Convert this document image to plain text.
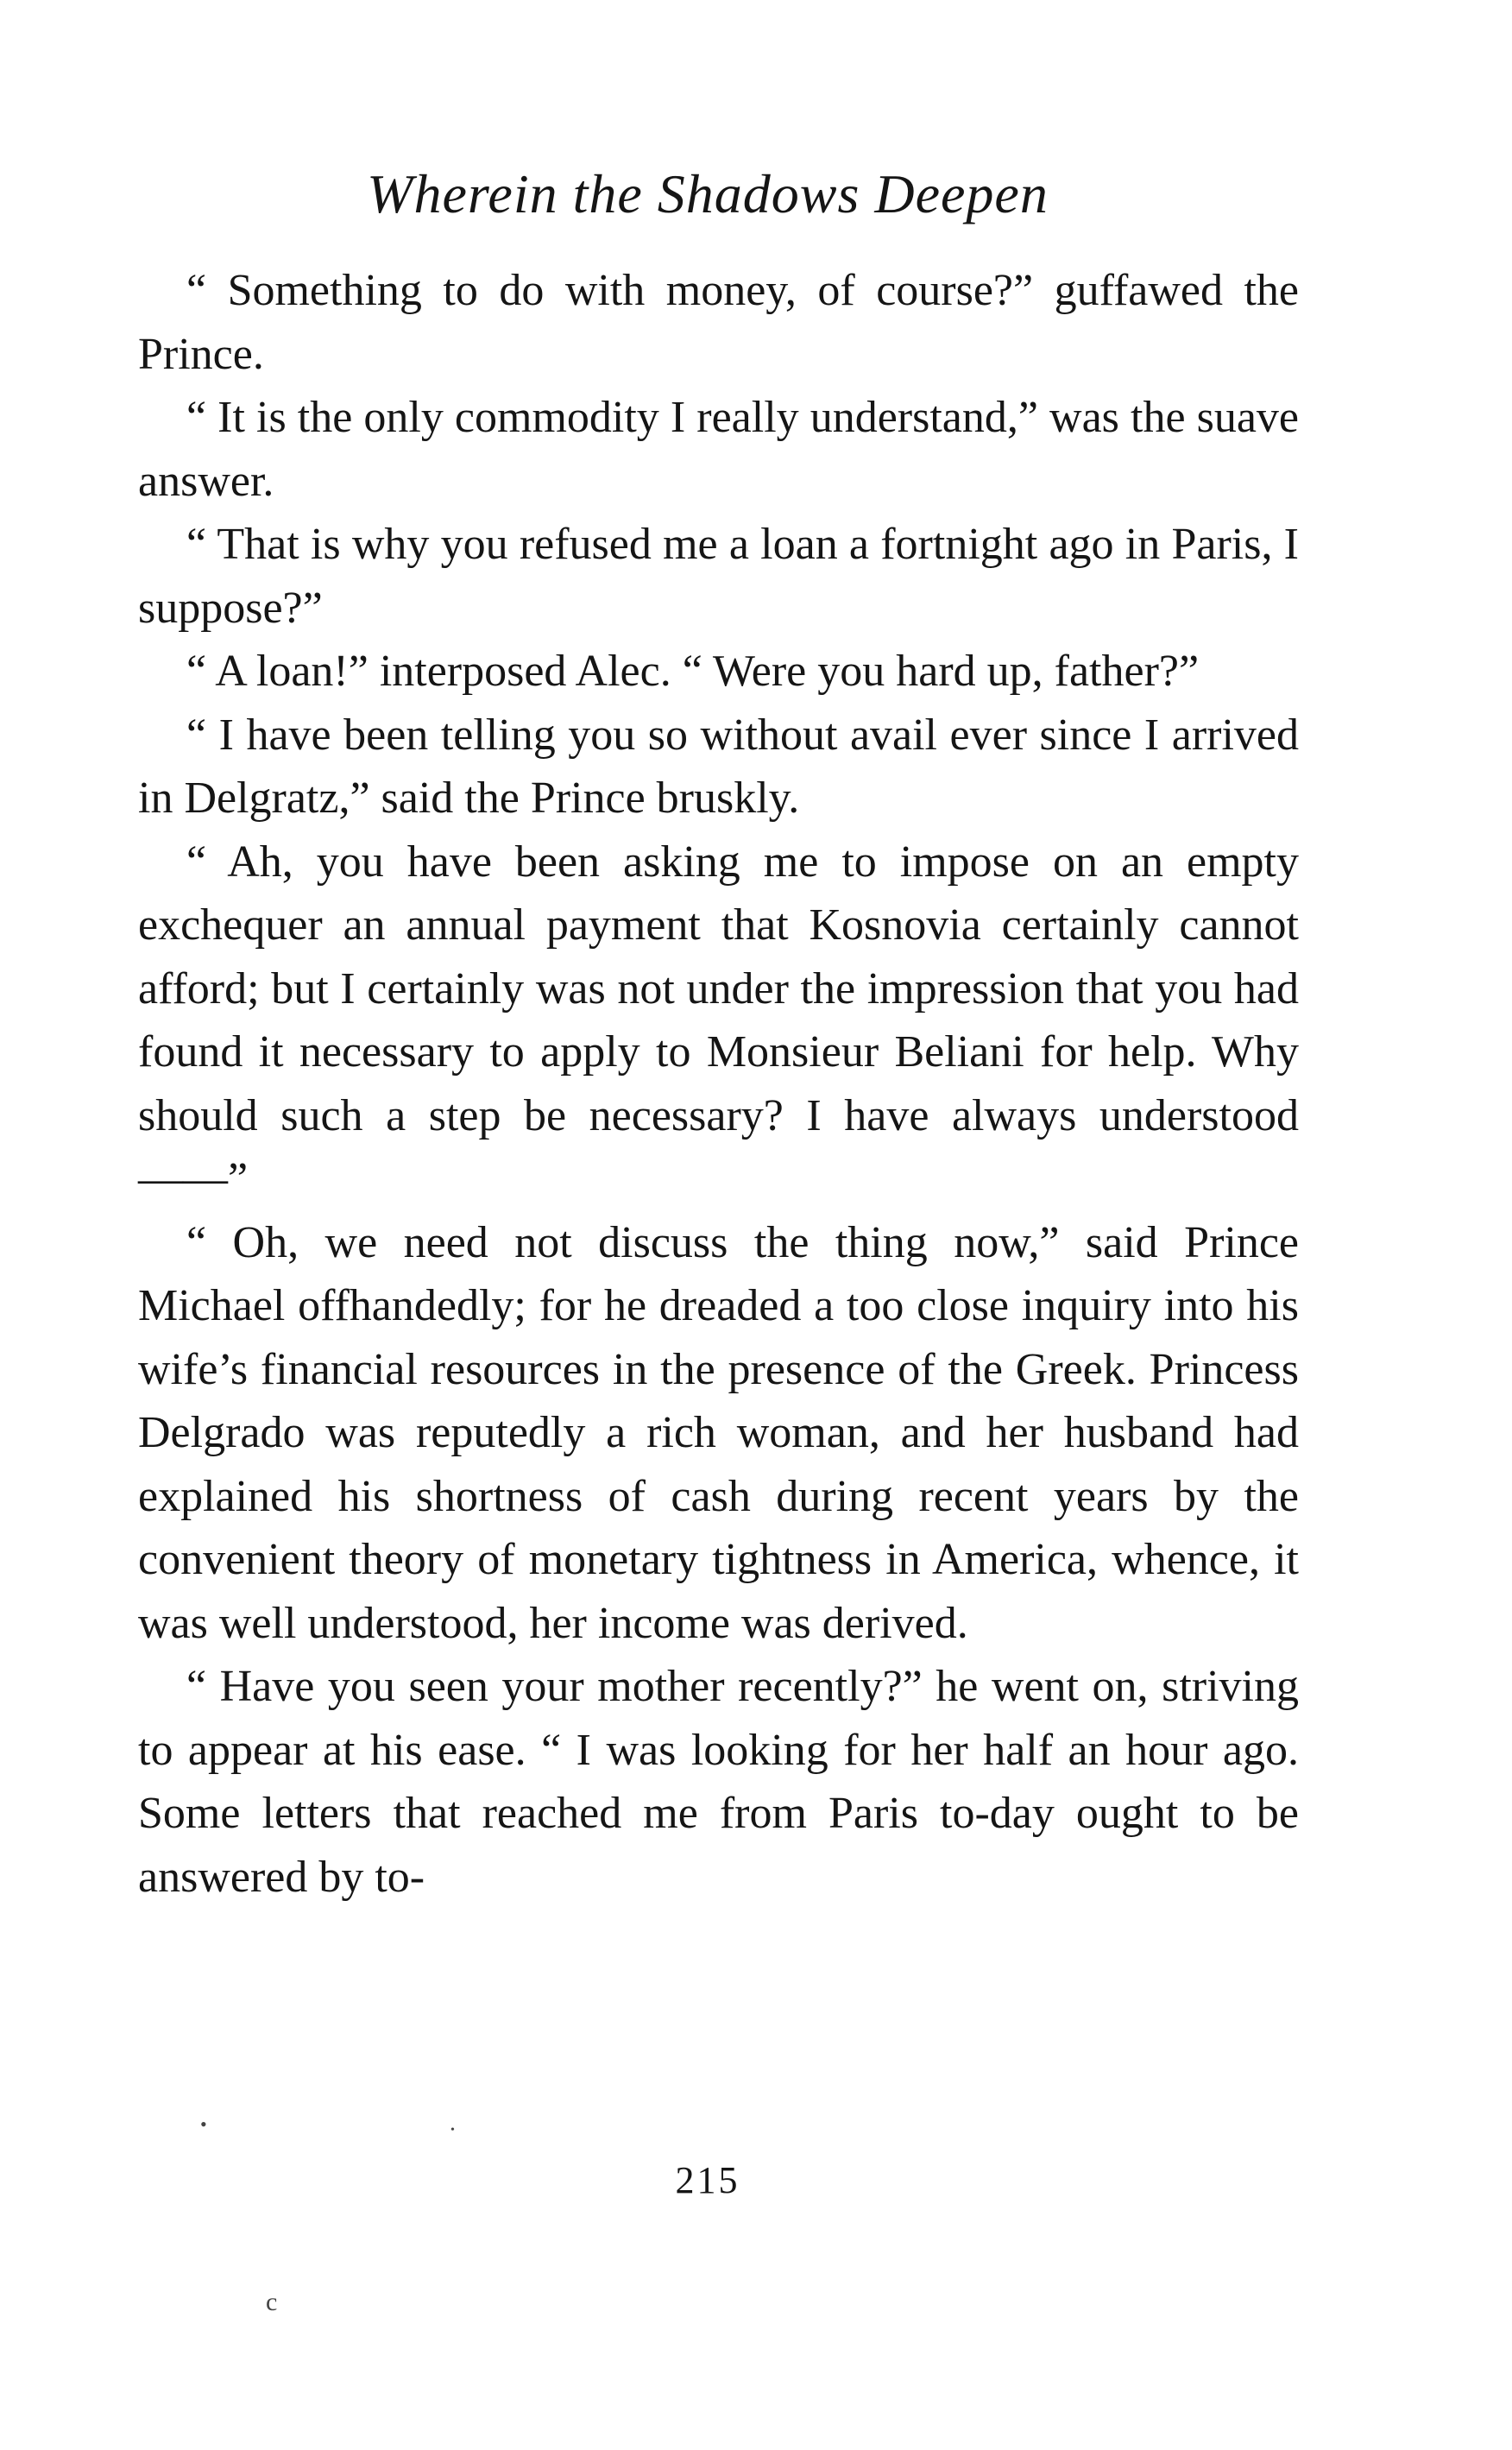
Wherein the Shadows Deepen

“ Something to do with money, of course?” guffawed the Prince.

“ It is the only commodity I really understand,” was the suave answer.

“ That is why you refused me a loan a fortnight ago in Paris, I suppose?”

“ A loan!” interposed Alec. “ Were you hard up, father?”

“ I have been telling you so without avail ever since I arrived in Delgratz,” said the Prince bruskly.

“ Ah, you have been asking me to impose on an empty exchequer an annual payment that Kosnovia certainly cannot afford; but I certainly was not under the impression that you had found it necessary to apply to Monsieur Beliani for help. Why should such a step be necessary? I have always understood——”

“ Oh, we need not discuss the thing now,” said Prince Michael offhandedly; for he dreaded a too close inquiry into his wife’s financial resources in the presence of the Greek. Princess Delgrado was reputedly a rich woman, and her husband had explained his shortness of cash during recent years by the convenient theory of monetary tightness in America, whence, it was well understood, her income was derived.

“ Have you seen your mother recently?” he went on, striving to appear at his ease. “ I was looking for her half an hour ago. Some letters that reached me from Paris to-day ought to be answered by to-

215
•	•
с
